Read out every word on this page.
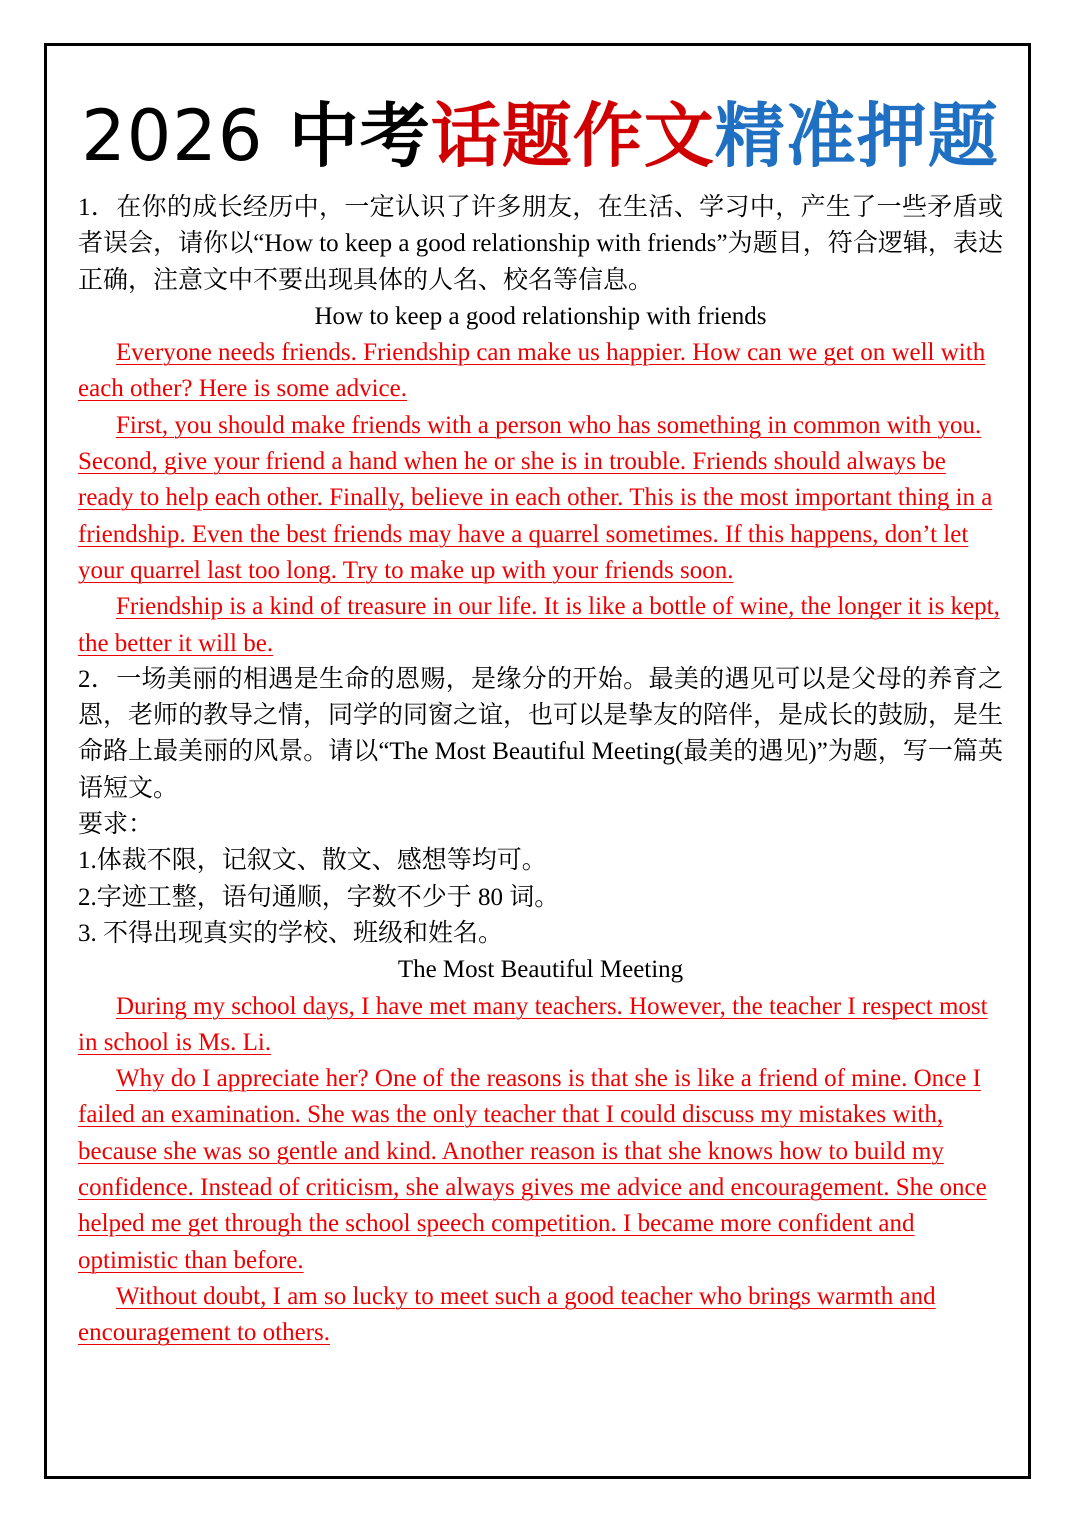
2026 中考话题作文精准押题

1．在你的成长经历中，一定认识了许多朋友，在生活、学习中，产生了一些矛盾或者误会，请你以“How to keep a good relationship with friends”为题目，符合逻辑，表达正确，注意文中不要出现具体的人名、校名等信息。

How to keep a good relationship with friends

Everyone needs friends. Friendship can make us happier. How can we get on well with each other? Here is some advice.

First, you should make friends with a person who has something in common with you. Second, give your friend a hand when he or she is in trouble. Friends should always be ready to help each other. Finally, believe in each other. This is the most important thing in a friendship. Even the best friends may have a quarrel sometimes. If this happens, don’t let your quarrel last too long. Try to make up with your friends soon.

Friendship is a kind of treasure in our life. It is like a bottle of wine, the longer it is kept, the better it will be.

2．一场美丽的相遇是生命的恩赐，是缘分的开始。最美的遇见可以是父母的养育之恩，老师的教导之情，同学的同窗之谊，也可以是挚友的陪伴，是成长的鼓励，是生命路上最美丽的风景。请以“The Most Beautiful Meeting(最美的遇见)”为题，写一篇英语短文。

要求：

1.体裁不限，记叙文、散文、感想等均可。

2.字迹工整，语句通顺，字数不少于 80 词。

3. 不得出现真实的学校、班级和姓名。

The Most Beautiful Meeting

During my school days, I have met many teachers. However, the teacher I respect most in school is Ms. Li.

Why do I appreciate her? One of the reasons is that she is like a friend of mine. Once I failed an examination. She was the only teacher that I could discuss my mistakes with, because she was so gentle and kind. Another reason is that she knows how to build my confidence. Instead of criticism, she always gives me advice and encouragement. She once helped me get through the school speech competition. I became more confident and optimistic than before.

Without doubt, I am so lucky to meet such a good teacher who brings warmth and encouragement to others.
